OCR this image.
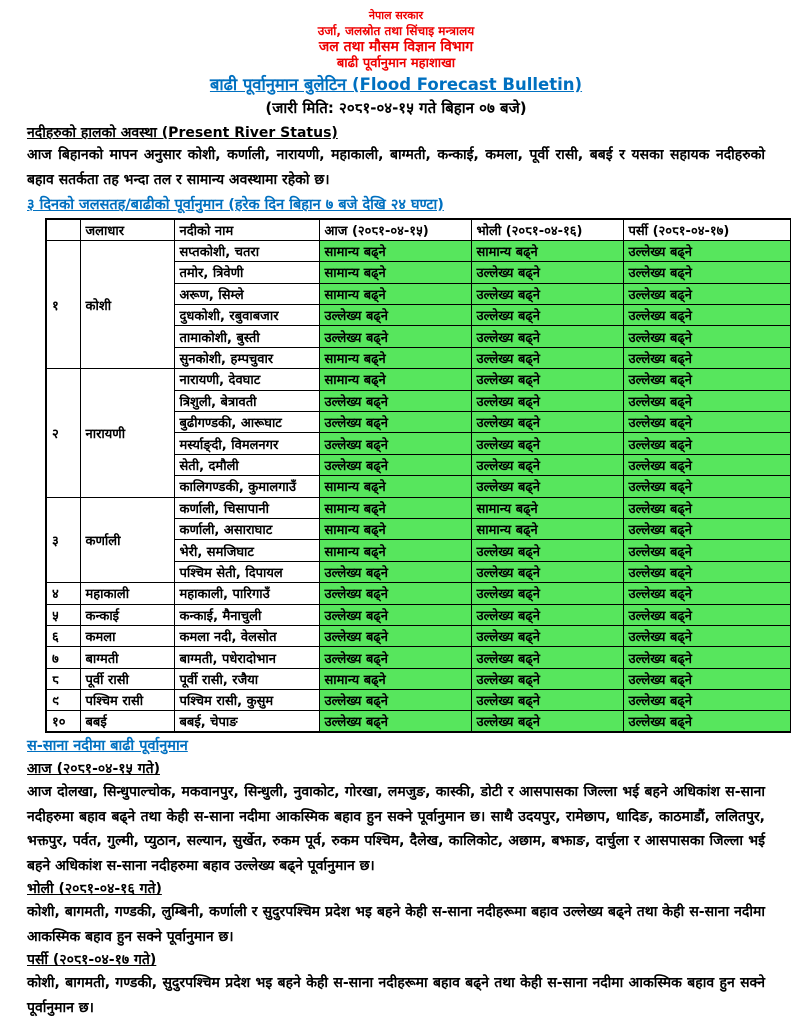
नेपाल सरकार
उर्जा, जलस्रोत तथा सिंचाइ मन्त्रालय
जल तथा मौसम विज्ञान विभाग
बाढी पूर्वानुमान महाशाखा
बाढी पूर्वानुमान बुलेटिन (Flood Forecast Bulletin)
(जारी मिति: २०८१-०४-१५ गते बिहान ०७ बजे)
नदीहरुको हालको अवस्था (Present River Status)

आज बिहानको मापन अनुसार कोशी, कर्णाली, नारायणी, महाकाली, बाग्मती, कन्काई, कमला, पूर्वी रासी, बबई र यसका सहायक नदीहरुको बहाव सतर्कता तह भन्दा तल र सामान्य अवस्थामा रहेको छ।

३ दिनको जलसतह/बाढीको पूर्वानुमान (हरेक दिन बिहान ७ बजे देखि २४ घण्टा)
	जलाधार	नदीको नाम	आज (२०८१-०४-१५)	भोली (२०८१-०४-१६)	पर्सी (२०८१-०४-१७)
१	कोशी	सप्तकोशी, चतरा	सामान्य बढ्ने	सामान्य बढ्ने	उल्लेख्य बढ्ने
		तमोर, त्रिवेणी	सामान्य बढ्ने	उल्लेख्य बढ्ने	उल्लेख्य बढ्ने
		अरूण, सिम्ले	सामान्य बढ्ने	उल्लेख्य बढ्ने	उल्लेख्य बढ्ने
		दुधकोशी, रबुवाबजार	उल्लेख्य बढ्ने	उल्लेख्य बढ्ने	उल्लेख्य बढ्ने
		तामाकोशी, बुस्ती	उल्लेख्य बढ्ने	उल्लेख्य बढ्ने	उल्लेख्य बढ्ने
		सुनकोशी, हम्पचुवार	सामान्य बढ्ने	उल्लेख्य बढ्ने	उल्लेख्य बढ्ने
२	नारायणी	नारायणी, देवघाट	सामान्य बढ्ने	उल्लेख्य बढ्ने	उल्लेख्य बढ्ने
		त्रिशुली, बेत्रावती	उल्लेख्य बढ्ने	उल्लेख्य बढ्ने	उल्लेख्य बढ्ने
		बुढीगण्डकी, आरूघाट	उल्लेख्य बढ्ने	उल्लेख्य बढ्ने	उल्लेख्य बढ्ने
		मर्स्याङ्दी, विमलनगर	उल्लेख्य बढ्ने	उल्लेख्य बढ्ने	उल्लेख्य बढ्ने
		सेती, दमौली	उल्लेख्य बढ्ने	उल्लेख्य बढ्ने	उल्लेख्य बढ्ने
		कालिगण्डकी, कुमालगाउँ	सामान्य बढ्ने	उल्लेख्य बढ्ने	उल्लेख्य बढ्ने
३	कर्णाली	कर्णाली, चिसापानी	सामान्य बढ्ने	सामान्य बढ्ने	उल्लेख्य बढ्ने
		कर्णाली, असाराघाट	सामान्य बढ्ने	सामान्य बढ्ने	उल्लेख्य बढ्ने
		भेरी, समजिघाट	सामान्य बढ्ने	उल्लेख्य बढ्ने	उल्लेख्य बढ्ने
		पश्चिम सेती, दिपायल	उल्लेख्य बढ्ने	उल्लेख्य बढ्ने	उल्लेख्य बढ्ने
४	महाकाली	महाकाली, पारिगाउँ	उल्लेख्य बढ्ने	उल्लेख्य बढ्ने	उल्लेख्य बढ्ने
५	कन्काई	कन्काई, मैनाचुली	उल्लेख्य बढ्ने	उल्लेख्य बढ्ने	उल्लेख्य बढ्ने
६	कमला	कमला नदी, वेलसोत	उल्लेख्य बढ्ने	उल्लेख्य बढ्ने	उल्लेख्य बढ्ने
७	बाग्मती	बाग्मती, पधेरादोभान	उल्लेख्य बढ्ने	उल्लेख्य बढ्ने	उल्लेख्य बढ्ने
८	पूर्वी रासी	पूर्वी रासी, रजैया	सामान्य बढ्ने	उल्लेख्य बढ्ने	उल्लेख्य बढ्ने
९	पश्चिम रासी	पश्चिम रासी, कुसुम	उल्लेख्य बढ्ने	उल्लेख्य बढ्ने	उल्लेख्य बढ्ने
१०	बबई	बबई, चेपाङ	उल्लेख्य बढ्ने	उल्लेख्य बढ्ने	उल्लेख्य बढ्ने
स-साना नदीमा बाढी पूर्वानुमान
आज (२०८१-०४-१५ गते)

आज दोलखा, सिन्धुपाल्चोक, मकवानपुर, सिन्धुली, नुवाकोट, गोरखा, लमजुङ, कास्की, डोटी र आसपासका जिल्ला भई बहने अधिकांश स-साना नदीहरुमा बहाव बढ्ने तथा केही स-साना नदीमा आकस्मिक बहाव हुन सक्ने पूर्वानुमान छ। साथै उदयपुर, रामेछाप, धादिङ, काठमाडौं, ललितपुर, भक्तपुर, पर्वत, गुल्मी, प्युठान, सल्यान, सुर्खेत, रुकम पूर्व, रुकम पश्चिम, दैलेख, कालिकोट, अछाम, बझाङ, दार्चुला र आसपासका जिल्ला भई बहने अधिकांश स-साना नदीहरुमा बहाव उल्लेख्य बढ्ने पूर्वानुमान छ।

भोली (२०८१-०४-१६ गते)

कोशी, बागमती, गण्डकी, लुम्बिनी, कर्णाली र सुदुरपश्चिम प्रदेश भइ बहने केही स-साना नदीहरूमा बहाव उल्लेख्य बढ्ने तथा केही स-साना नदीमा आकस्मिक बहाव हुन सक्ने पूर्वानुमान छ।

पर्सी (२०८१-०४-१७ गते)

कोशी, बागमती, गण्डकी, सुदुरपश्चिम प्रदेश भइ बहने केही स-साना नदीहरूमा बहाव बढ्ने तथा केही स-साना नदीमा आकस्मिक बहाव हुन सक्ने पूर्वानुमान छ।
